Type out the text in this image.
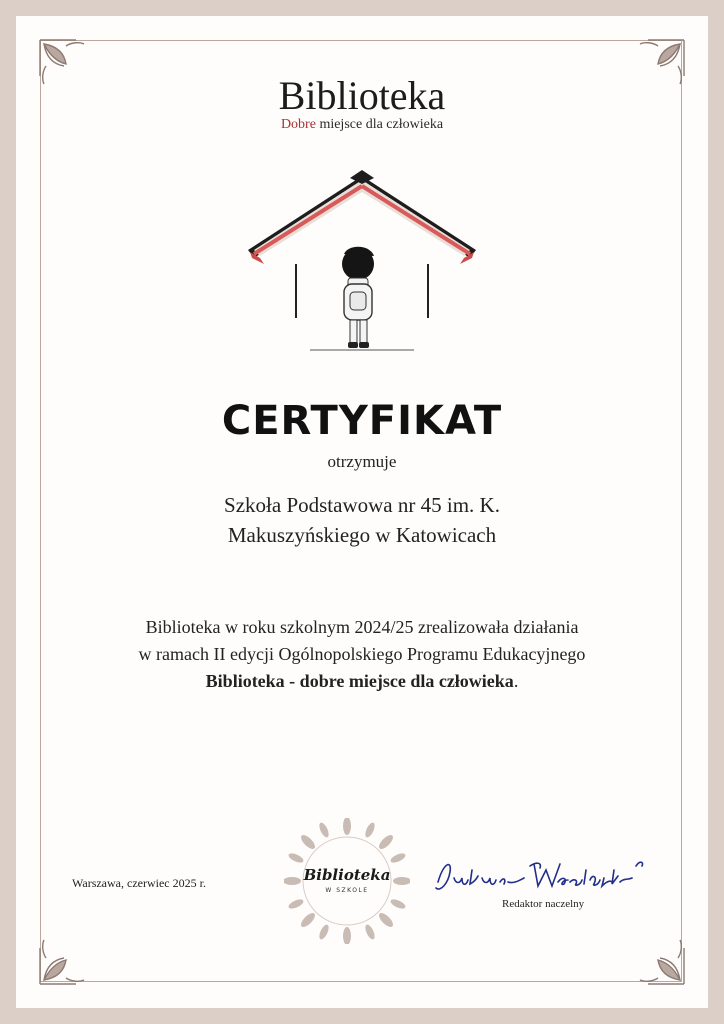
Biblioteka
Dobre miejsce dla człowieka
CERTYFIKAT
otrzymuje
Szkoła Podstawowa nr 45 im. K.
Makuszyńskiego w Katowicach
Biblioteka w roku szkolnym 2024/25 zrealizowała działania
w ramach II edycji Ogólnopolskiego Programu Edukacyjnego
Biblioteka - dobre miejsce dla człowieka.
Warszawa, czerwiec 2025 r.	Biblioteka
W SZKOLE
Redaktor naczelny
